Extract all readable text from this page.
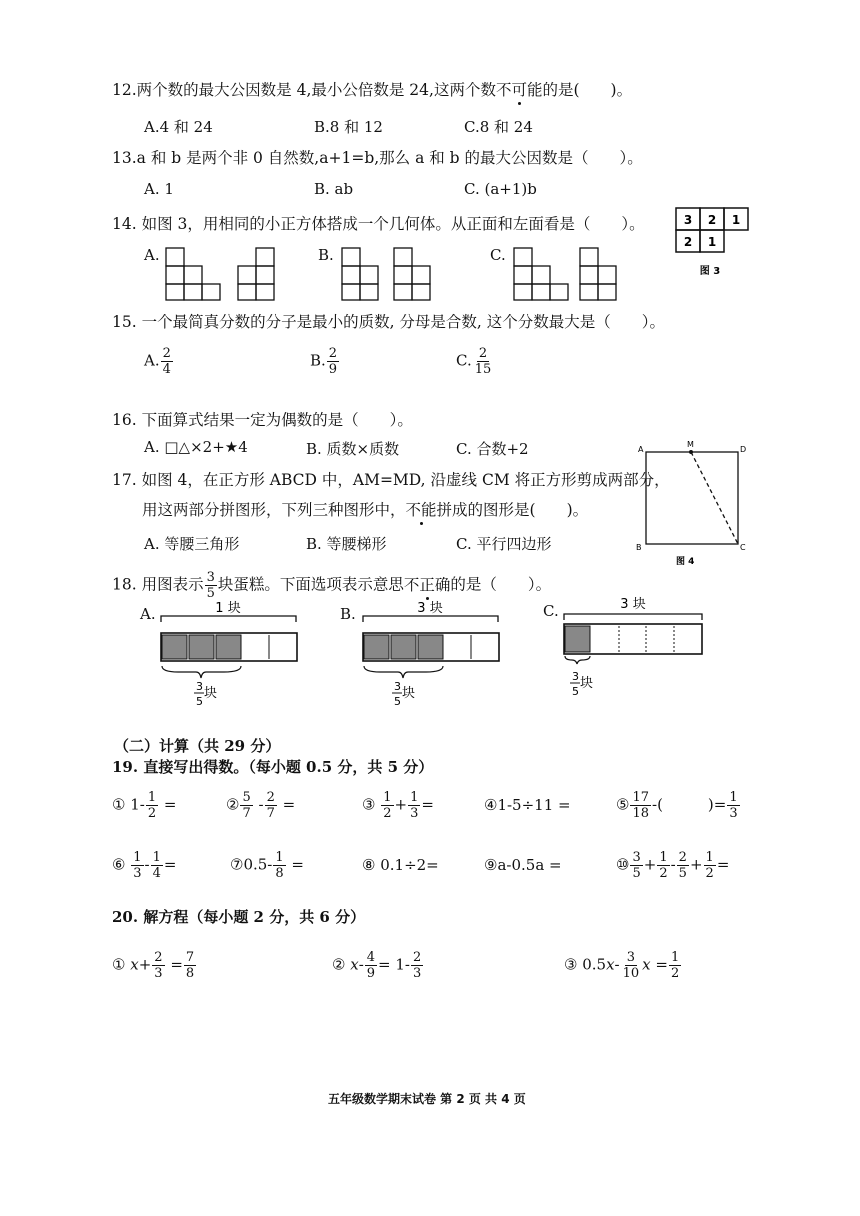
12.两个数的最大公因数是 4,最小公倍数是 24,这两个数不可能的是(　　)。
A.4 和 24	B.8 和 12	C.8 和 24
13.a 和 b 是两个非 0 自然数,a+1=b,那么 a 和 b 的最大公因数是（　　）。
A. 1	B. ab	C. (a+1)b
14. 如图 3，用相同的小正方体搭成一个几何体。从正面和左面看是（　　）。	3 2 1
2 1
图 3
A.	B.	C.
15. 一个最简真分数的分子是最小的质数, 分母是合数, 这个分数最大是（　　）。
A. $\frac{2}{4}$	B. $\frac{2}{9}$	C. $\frac{2}{15}$
16. 下面算式结果一定为偶数的是（　　）。
A. □△×2+★4	B. 质数×质数	C. 合数+2	A
M
D
B	C
图 4
17. 如图 4，在正方形 ABCD 中，AM=MD, 沿虚线 CM 将正方形剪成两部分，
用这两部分拼图形，下列三种图形中，不能拼成的图形是(　　)。
A. 等腰三角形	B. 等腰梯形	C. 平行四边形
18. 用图表示 $\frac{3}{5}$ 块蛋糕。下面选项表示意思不正确的是（　　）。
A.	1 块
3
5
块
B.	3 块
3
5
块
C.	3 块
3
5
块
（二）计算（共 29 分）
19. 直接写出得数。（每小题 0.5 分，共 5 分）
① $1- \frac{1}{2}$ =	② $\frac{5}{7} - \frac{2}{7}$ =	③ $\frac{1}{2} + \frac{1}{3}$ =	④1-5÷11 =	⑤ $\frac{17}{18}$ -(　　　)= $\frac{1}{3}$
⑥ $\frac{1}{3} - \frac{1}{4}$ =	⑦0.5- $\frac{1}{8}$ =	⑧ 0.1÷2=	⑨a-0.5a =	⑩ $\frac{3}{5} + \frac{1}{2} - \frac{2}{5} + \frac{1}{2}$ =
20. 解方程（每小题 2 分，共 6 分）
① $x+ \frac{2}{3} = \frac{7}{8}$	② $x- \frac{4}{9} = 1- \frac{2}{3}$	③ $0.5x- \frac{3}{10}$ $x = \frac{1}{2}$
五年级数学期末试卷 第 2 页 共 4 页
